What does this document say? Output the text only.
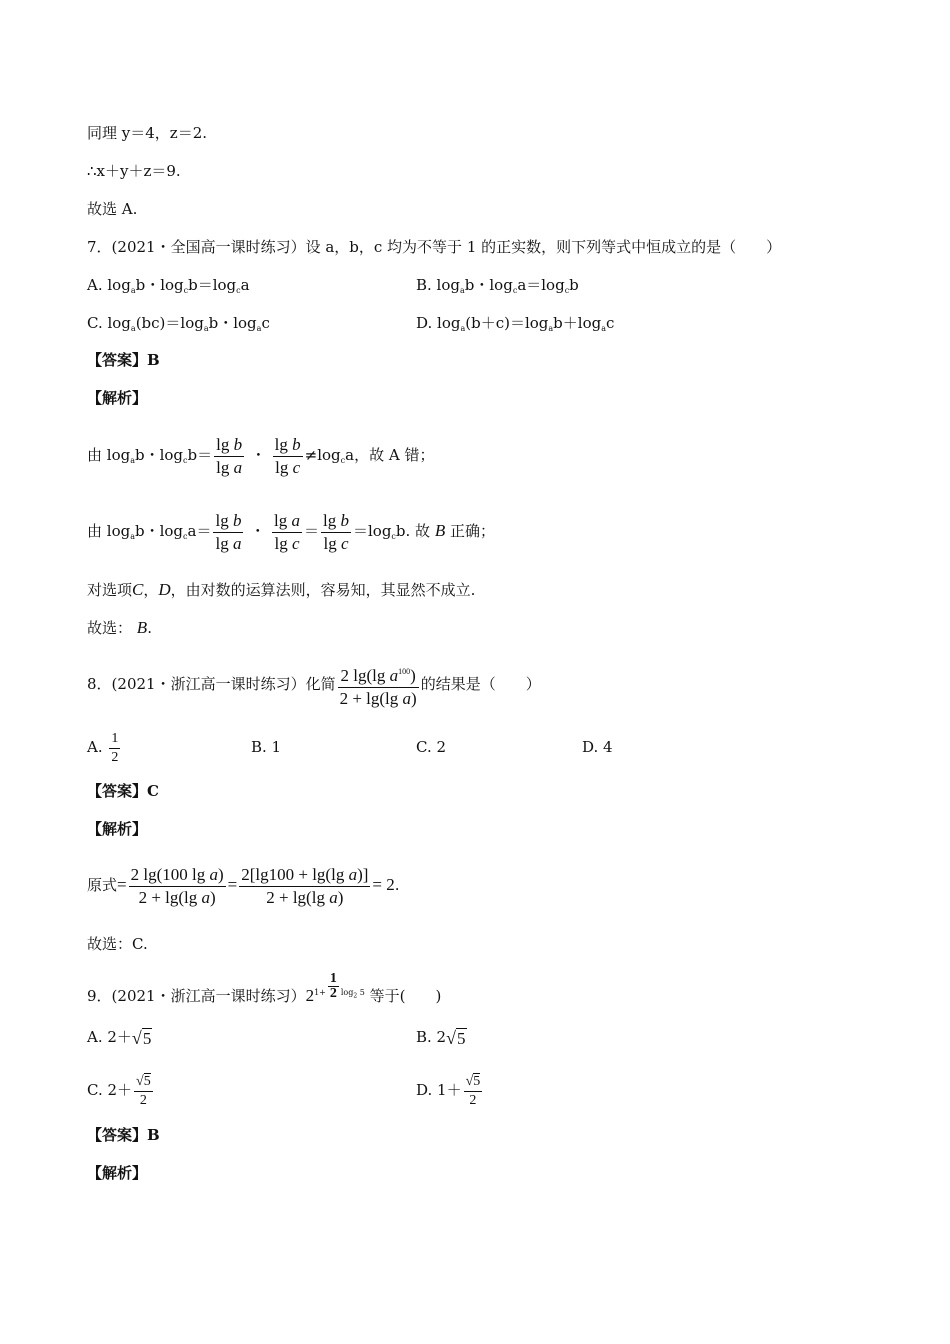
同理 y＝4，z＝2.
∴x＋y＋z＝9.
故选 A.
7．(2021・全国高一课时练习）设 a，b，c 均为不等于 1 的正实数，则下列等式中恒成立的是（　　）
A. $\log_ab$・$\log_cb=\log_ca$	B. $\log_ab$・$\log_ca=\log_cb$
C. $\log_a(bc)=\log_ab$・$\log_ac$	D. $\log_a(b+c)=\log_ab+\log_ac$
【答案】B
【解析】
由 $\log_ab$・$\log_cb= \frac{\text{lg b}}{\text{lg a}}$ ・ $\frac{\text{lg b}}{\text{lg c}} \ne\log_ca$，故 A 错；
由 $\log_ab$・$\log_ca= \frac{\text{lg b}}{\text{lg a}}$ ・ $\frac{\text{lg a}}{\text{lg c}} = \frac{\text{lg b}}{\text{lg c}} =\log_cb$. 故 B 正确；
对选项C，D，由对数的运算法则，容易知，其显然不成立.
故选： B.
8．(2021・浙江高一课时练习）化简 $\frac{2 \lg(\lg a^{100})}{\text{2 + lg(lg a)}}$ 的结果是（　　）
A. $\frac{1}{2}$	B. 1	C. 2	D. 4
【答案】C
【解析】
原式= $\frac{\text{2 lg(100 lg a)}}{\text{2 + lg(lg a)}} = \frac{\text{2[lg100 + lg(lg a)]}}{\text{2 + lg(lg a)}} = 2$.
故选：C.
9．(2021・浙江高一课时练习）$21+ \frac{1}{2} \log_2 5$ 等于(　　)
A. 2＋√5	B. 2√5
C. $2+ \frac{√5}{2}$	D. $1+ \frac{√5}{2}$
【答案】B
【解析】
